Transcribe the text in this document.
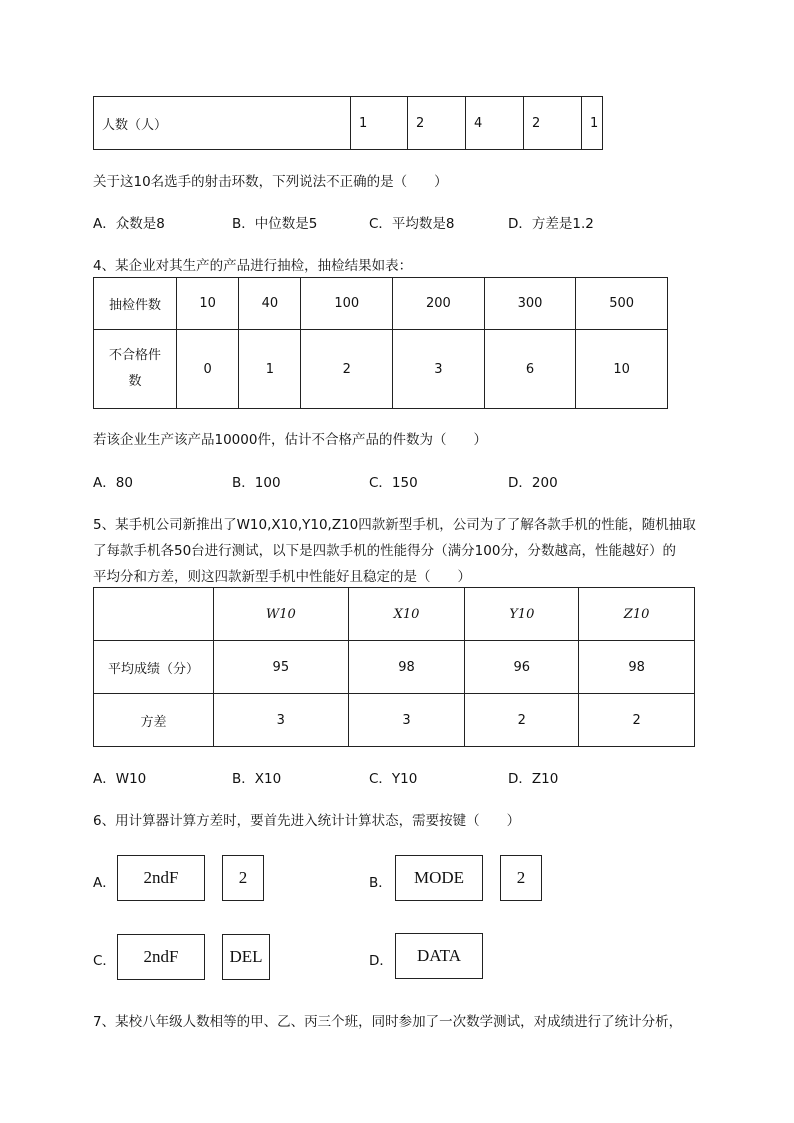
人数（人）	1	2	4	2	1
关于这10名选手的射击环数，下列说法不正确的是（　　）
A．众数是8	B．中位数是5	C．平均数是8	D．方差是1.2
4、某企业对其生产的产品进行抽检，抽检结果如表：
抽检件数	10	40	100	200	300	500
不合格件
数	0	1	2	3	6	10
若该企业生产该产品10000件，估计不合格产品的件数为（　　）
A．80	B．100	C．150	D．200
5、某手机公司新推出了W10,X10,Y10,Z10四款新型手机，公司为了了解各款手机的性能，随机抽取
了每款手机各50台进行测试，以下是四款手机的性能得分（满分100分，分数越高，性能越好）的
平均分和方差，则这四款新型手机中性能好且稳定的是（　　）
	W10	X10	Y10	Z10
平均成绩（分）	95	98	96	98
方差	3	3	2	2
A．W10	B．X10	C．Y10	D．Z10
6、用计算器计算方差时，要首先进入统计计算状态，需要按键（　　）
A．	2ndF	2	B．	MODE	2
C．	2ndF	DEL	D．	DATA
7、某校八年级人数相等的甲、乙、丙三个班，同时参加了一次数学测试，对成绩进行了统计分析，
